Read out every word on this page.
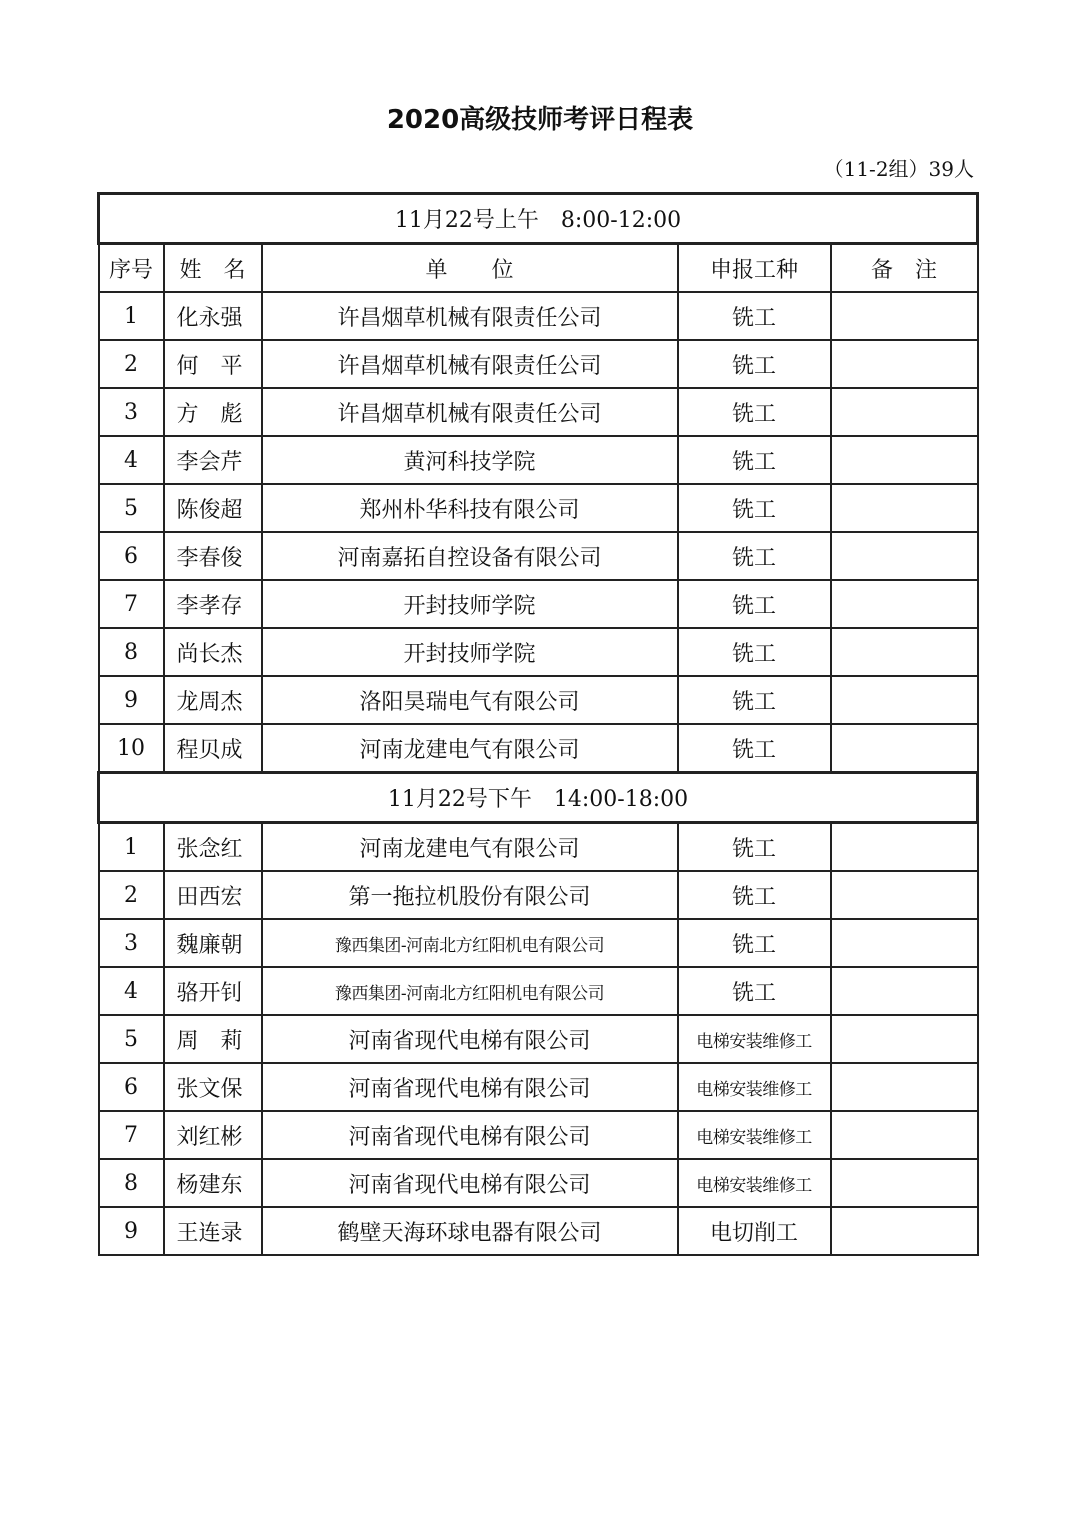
2020高级技师考评日程表
（11-2组）39人
11月22号上午　8:00-12:00				
序号	姓　名	单　　位	申报工种	备　注
1	化永强	许昌烟草机械有限责任公司	铣工	
2	何　平	许昌烟草机械有限责任公司	铣工	
3	方　彪	许昌烟草机械有限责任公司	铣工	
4	李会芹	黄河科技学院	铣工	
5	陈俊超	郑州朴华科技有限公司	铣工	
6	李春俊	河南嘉拓自控设备有限公司	铣工	
7	李孝存	开封技师学院	铣工	
8	尚长杰	开封技师学院	铣工	
9	龙周杰	洛阳昊瑞电气有限公司	铣工	
10	程贝成	河南龙建电气有限公司	铣工	
11月22号下午　14:00-18:00				
1	张念红	河南龙建电气有限公司	铣工	
2	田西宏	第一拖拉机股份有限公司	铣工	
3	魏廉朝	豫西集团-河南北方红阳机电有限公司	铣工	
4	骆开钊	豫西集团-河南北方红阳机电有限公司	铣工	
5	周　莉	河南省现代电梯有限公司	电梯安装维修工	
6	张文保	河南省现代电梯有限公司	电梯安装维修工	
7	刘红彬	河南省现代电梯有限公司	电梯安装维修工	
8	杨建东	河南省现代电梯有限公司	电梯安装维修工	
9	王连录	鹤壁天海环球电器有限公司	电切削工	
